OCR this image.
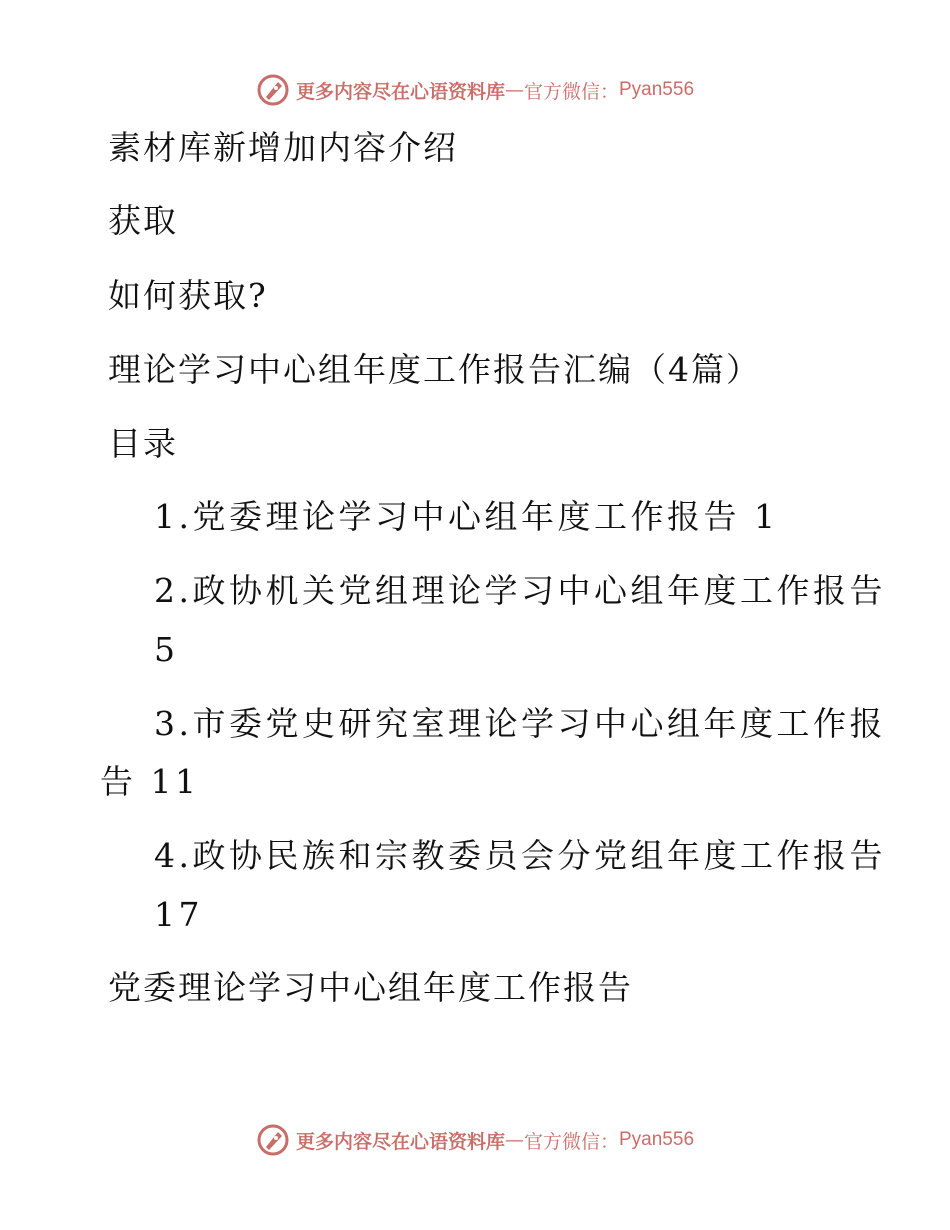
更多内容尽在心语资料库 — 官方微信： Pyan556
素材库新增加内容介绍
获取
如何获取?
理论学习中心组年度工作报告汇编（4篇）
目录
1.党委理论学习中心组年度工作报告 1
2.政协机关党组理论学习中心组年度工作报告
5
3.市委党史研究室理论学习中心组年度工作报
告 11
4.政协民族和宗教委员会分党组年度工作报告
17
党委理论学习中心组年度工作报告
更多内容尽在心语资料库 — 官方微信： Pyan556
